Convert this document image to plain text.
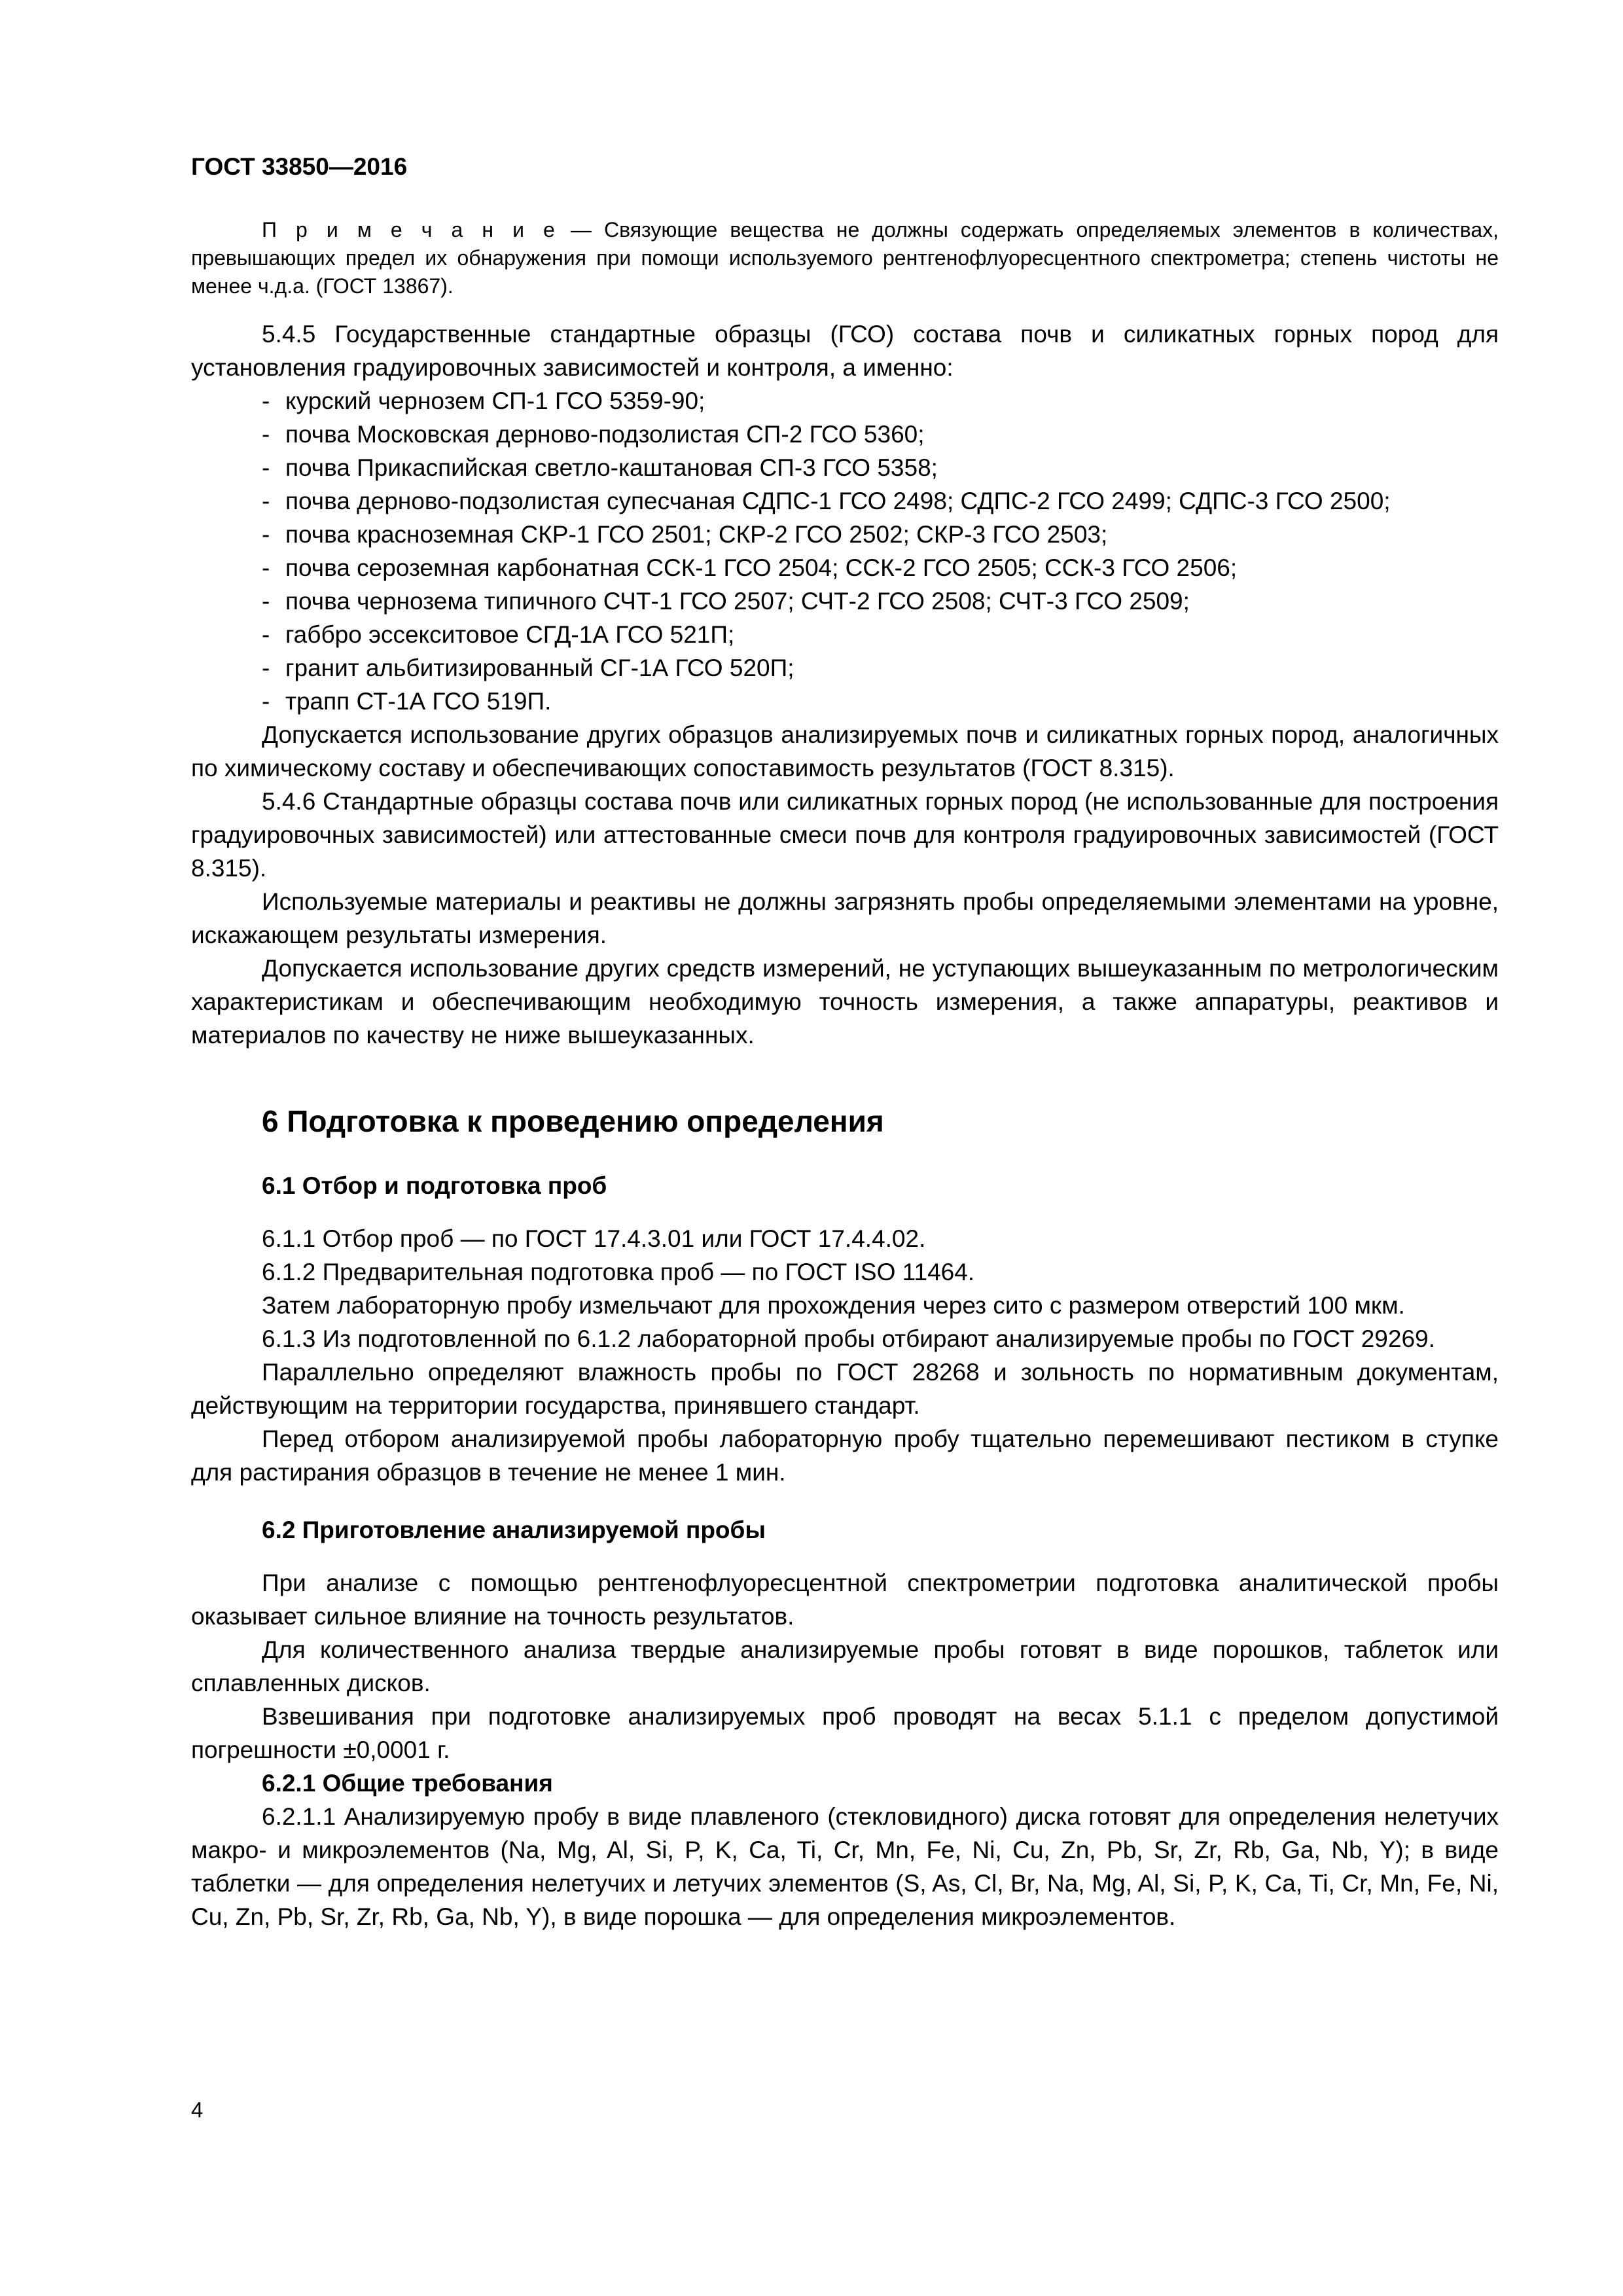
ГОСТ 33850—2016

П р и м е ч а н и е — Связующие вещества не должны содержать определяемых элементов в количествах, превышающих предел их обнаружения при помощи используемого рентгенофлуоресцентного спектрометра; степень чистоты не менее ч.д.а. (ГОСТ 13867).

5.4.5 Государственные стандартные образцы (ГСО) состава почв и силикатных горных пород для установления градуировочных зависимостей и контроля, а именно:

- курский чернозем СП-1 ГСО 5359-90;
- почва Московская дерново-подзолистая СП-2 ГСО 5360;
- почва Прикаспийская светло-каштановая СП-3 ГСО 5358;
- почва дерново-подзолистая супесчаная СДПС-1 ГСО 2498; СДПС-2 ГСО 2499; СДПС-3 ГСО 2500;
- почва красноземная СКР-1 ГСО 2501; СКР-2 ГСО 2502; СКР-3 ГСО 2503;
- почва сероземная карбонатная ССК-1 ГСО 2504; ССК-2 ГСО 2505; ССК-3 ГСО 2506;
- почва чернозема типичного СЧТ-1 ГСО 2507; СЧТ-2 ГСО 2508; СЧТ-3 ГСО 2509;
- габбро эссекситовое СГД-1А ГСО 521П;
- гранит альбитизированный СГ-1А ГСО 520П;
- трапп СТ-1А ГСО 519П.

Допускается использование других образцов анализируемых почв и силикатных горных пород, аналогичных по химическому составу и обеспечивающих сопоставимость результатов (ГОСТ 8.315).

5.4.6 Стандартные образцы состава почв или силикатных горных пород (не использованные для построения градуировочных зависимостей) или аттестованные смеси почв для контроля градуировочных зависимостей (ГОСТ 8.315).

Используемые материалы и реактивы не должны загрязнять пробы определяемыми элементами на уровне, искажающем результаты измерения.

Допускается использование других средств измерений, не уступающих вышеуказанным по метрологическим характеристикам и обеспечивающим необходимую точность измерения, а также аппаратуры, реактивов и материалов по качеству не ниже вышеуказанных.

6 Подготовка к проведению определения
6.1 Отбор и подготовка проб

6.1.1 Отбор проб — по ГОСТ 17.4.3.01 или ГОСТ 17.4.4.02.

6.1.2 Предварительная подготовка проб — по ГОСТ ISO 11464.

Затем лабораторную пробу измельчают для прохождения через сито с размером отверстий 100 мкм.

6.1.3 Из подготовленной по 6.1.2 лабораторной пробы отбирают анализируемые пробы по ГОСТ 29269.

Параллельно определяют влажность пробы по ГОСТ 28268 и зольность по нормативным документам, действующим на территории государства, принявшего стандарт.

Перед отбором анализируемой пробы лабораторную пробу тщательно перемешивают пестиком в ступке для растирания образцов в течение не менее 1 мин.

6.2 Приготовление анализируемой пробы

При анализе с помощью рентгенофлуоресцентной спектрометрии подготовка аналитической пробы оказывает сильное влияние на точность результатов.

Для количественного анализа твердые анализируемые пробы готовят в виде порошков, таблеток или сплавленных дисков.

Взвешивания при подготовке анализируемых проб проводят на весах 5.1.1 с пределом допустимой погрешности ±0,0001 г.

6.2.1 Общие требования

6.2.1.1 Анализируемую пробу в виде плавленого (стекловидного) диска готовят для определения нелетучих макро- и микроэлементов (Na, Mg, Al, Si, P, K, Ca, Ti, Cr, Mn, Fe, Ni, Cu, Zn, Pb, Sr, Zr, Rb, Ga, Nb, Y); в виде таблетки — для определения нелетучих и летучих элементов (S, As, Cl, Br, Na, Mg, Al, Si, P, K, Ca, Ti, Cr, Mn, Fe, Ni, Cu, Zn, Pb, Sr, Zr, Rb, Ga, Nb, Y), в виде порошка — для определения микроэлементов.

4
